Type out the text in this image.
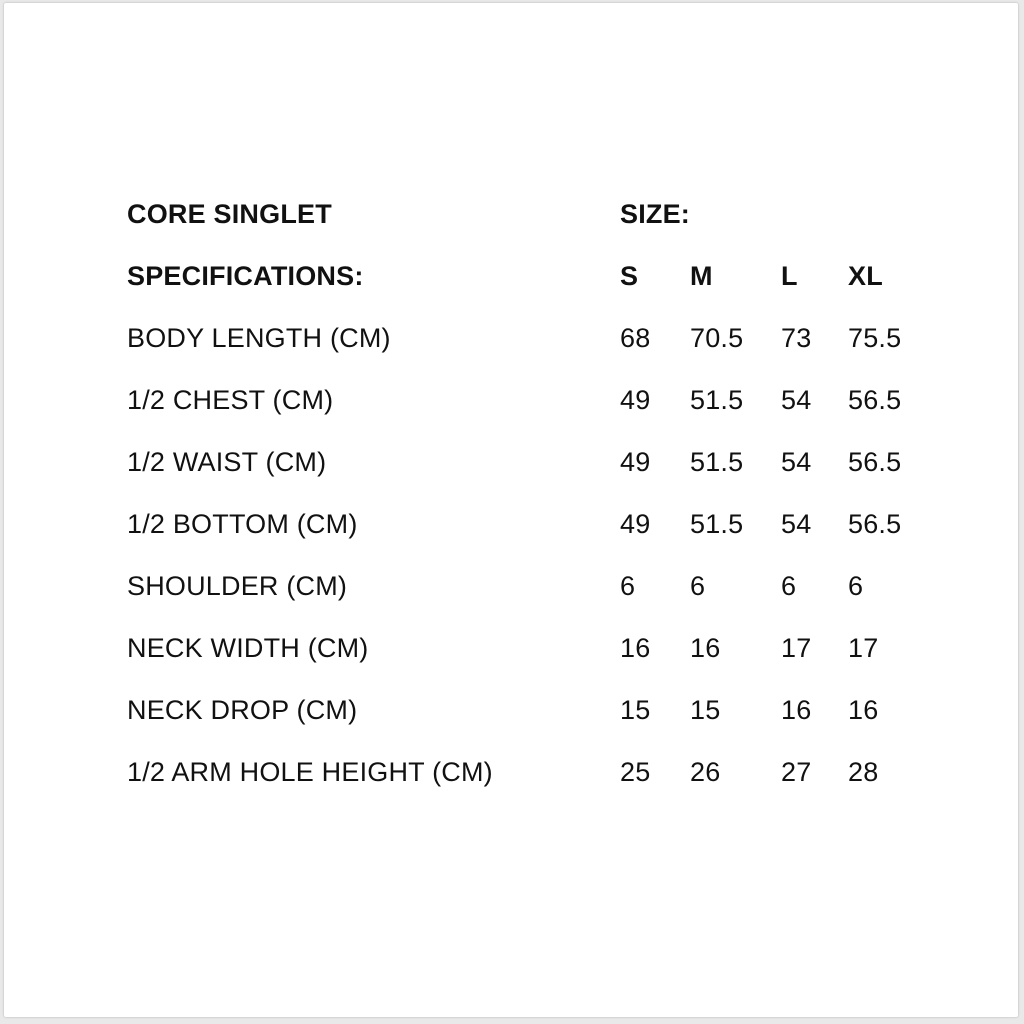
CORE SINGLET	SIZE:
SPECIFICATIONS:	S M	L XL
BODY LENGTH (CM)	68 70.5 73 75.5
1/2 CHEST (CM)	49 51.5 54 56.5
1/2 WAIST (CM)	49 51.5 54 56.5
1/2 BOTTOM (CM)	49 51.5 54 56.5
SHOULDER (CM)	6 6	6 6
NECK WIDTH (CM)	16 16 17 17
NECK DROP (CM)	15 15 16 16
1/2 ARM HOLE HEIGHT (CM)	25 26 27 28
